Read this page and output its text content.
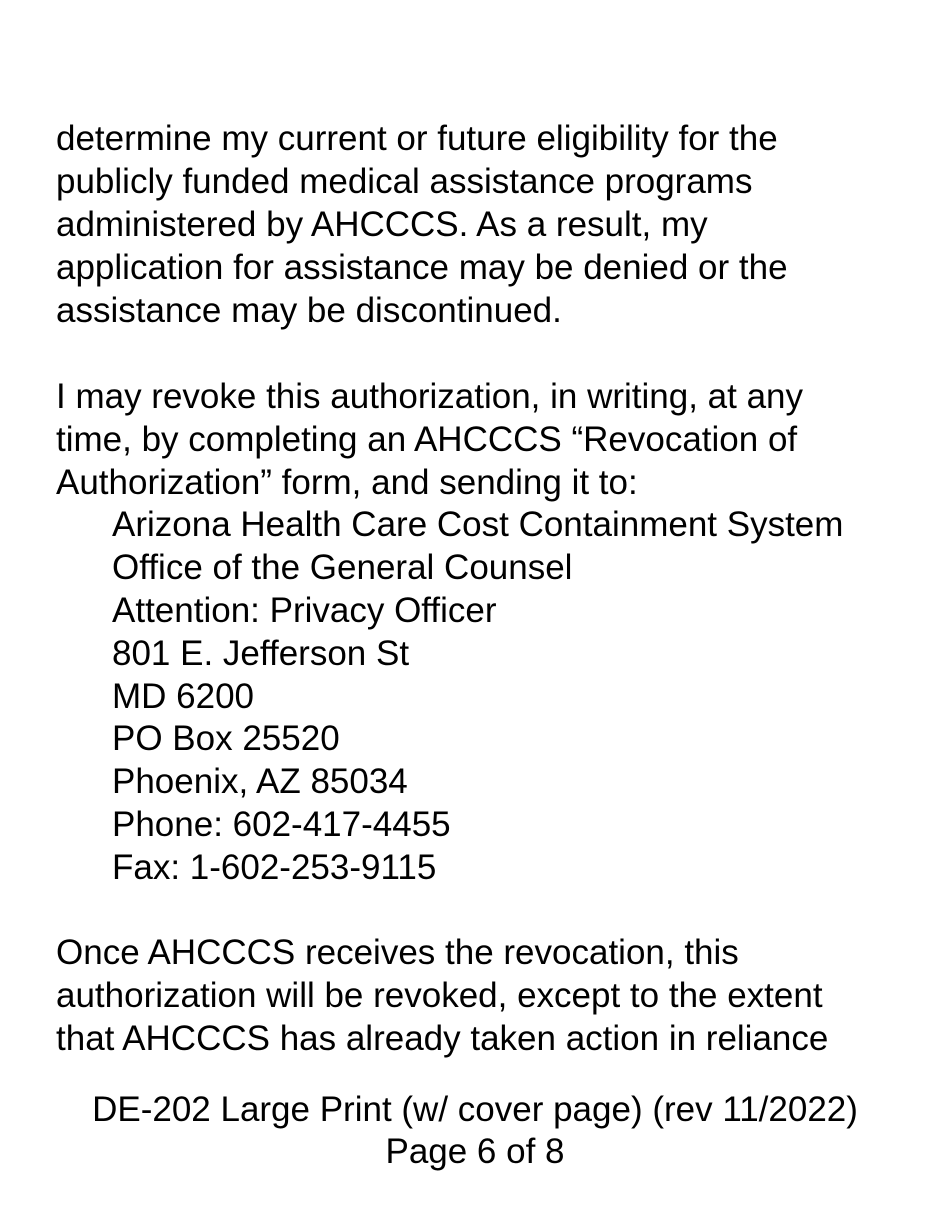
determine my current or future eligibility for the
publicly funded medical assistance programs
administered by AHCCCS. As a result, my
application for assistance may be denied or the
assistance may be discontinued.
I may revoke this authorization, in writing, at any
time, by completing an AHCCCS “Revocation of
Authorization” form, and sending it to:
Arizona Health Care Cost Containment System
Office of the General Counsel
Attention: Privacy Officer
801 E. Jefferson St
MD 6200
PO Box 25520
Phoenix, AZ 85034
Phone: 602-417-4455
Fax: 1-602-253-9115
Once AHCCCS receives the revocation, this
authorization will be revoked, except to the extent
that AHCCCS has already taken action in reliance
DE-202 Large Print (w/ cover page) (rev 11/2022)
Page 6 of 8
